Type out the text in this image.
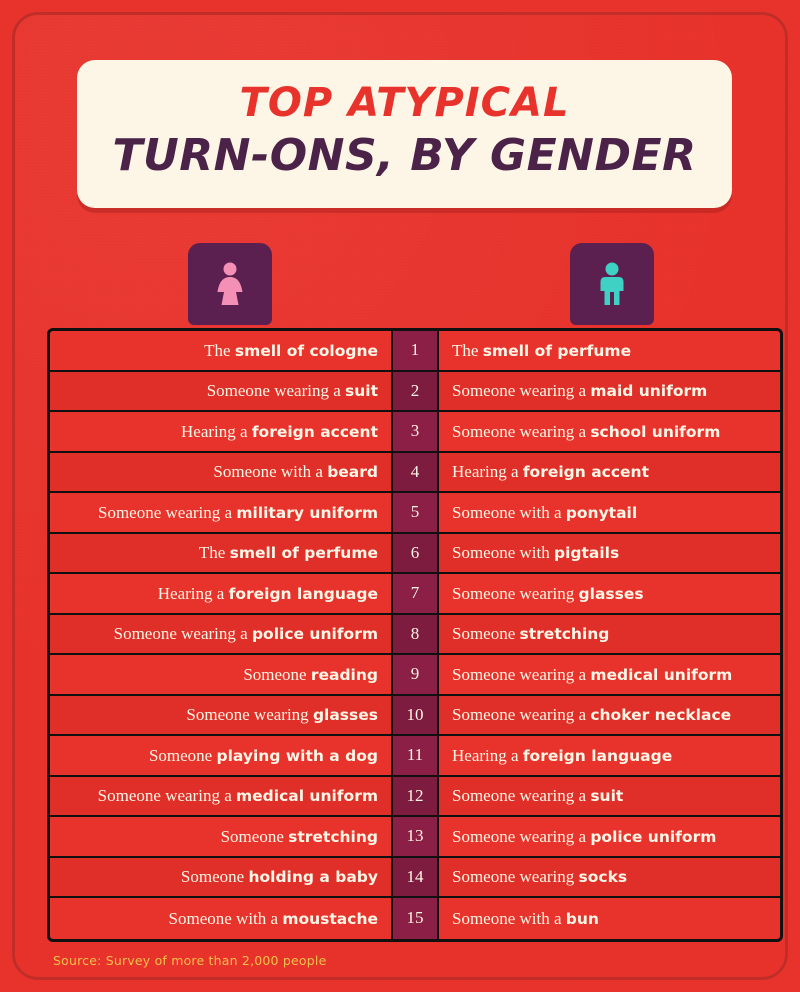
TOP ATYPICAL
TURN-ONS, BY GENDER
The smell of cologne	1	The smell of perfume
Someone wearing a suit	2	Someone wearing a maid uniform
Hearing a foreign accent	3	Someone wearing a school uniform
Someone with a beard	4	Hearing a foreign accent
Someone wearing a military uniform	5	Someone with a ponytail
The smell of perfume	6	Someone with pigtails
Hearing a foreign language	7	Someone wearing glasses
Someone wearing a police uniform	8	Someone stretching
Someone reading	9	Someone wearing a medical uniform
Someone wearing glasses	10	Someone wearing a choker necklace
Someone playing with a dog	11	Hearing a foreign language
Someone wearing a medical uniform	12	Someone wearing a suit
Someone stretching	13	Someone wearing a police uniform
Someone holding a baby	14	Someone wearing socks
Someone with a moustache	15	Someone with a bun
Source: Survey of more than 2,000 people
